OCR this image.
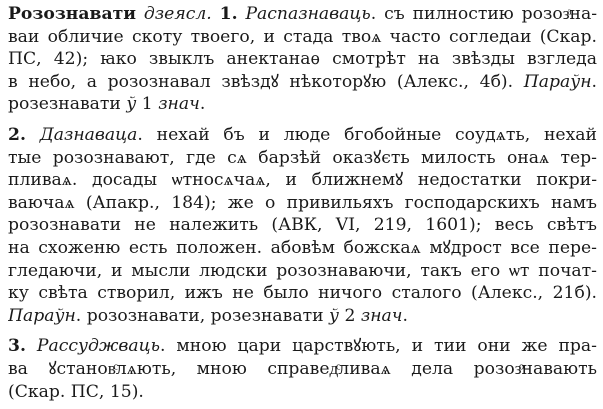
Розознавати дзеясл. 1. Распазнаваць. съ пилностию розозͣна-
ваи обличие скоту твоего, и стада твоѧ часто согледаи (Скар.
ПС, 42); ꙗко звыклъ анектанаѳ смотрѣт на звѣзды взгледа
в небо, а розознавал звѣздꙋ нѣкоторꙋю (Алекс., 4б). Параўн.
розезнавати ў 1 знач.
2. Дазнаваца. нехай бъ и люде бгобойные соудѧть, нехай
тые розознавают, где сѧ барзѣй оказꙋєть милость онаѧ тер-
пливаѧ. досады ѡтносѧчаѧ, и ближнемꙋ недостатки покри-
ваючаѧ (Апакр., 184); же о привильяхъ господарскихъ намъ
розознавати не належить (АВК, VI, 219, 1601); весь свѣтъ
на схоженю есть положен. абовѣм божскаѧ мꙋдрост все пере-
гледаючи, и мысли людски розознаваючи, такъ его ѡт почат-
ку свѣта створил, ижъ не было ничого сталого (Алекс., 21б).
Параўн. розознавати, розезнавати ў 2 знач.
3. Рассуджваць. мною цари царствꙋють, и тии они же пра-
ва ꙋстановͨлѧють, мною справедͨливаѧ дела розозͦнавають
(Скар. ПС, 15).
